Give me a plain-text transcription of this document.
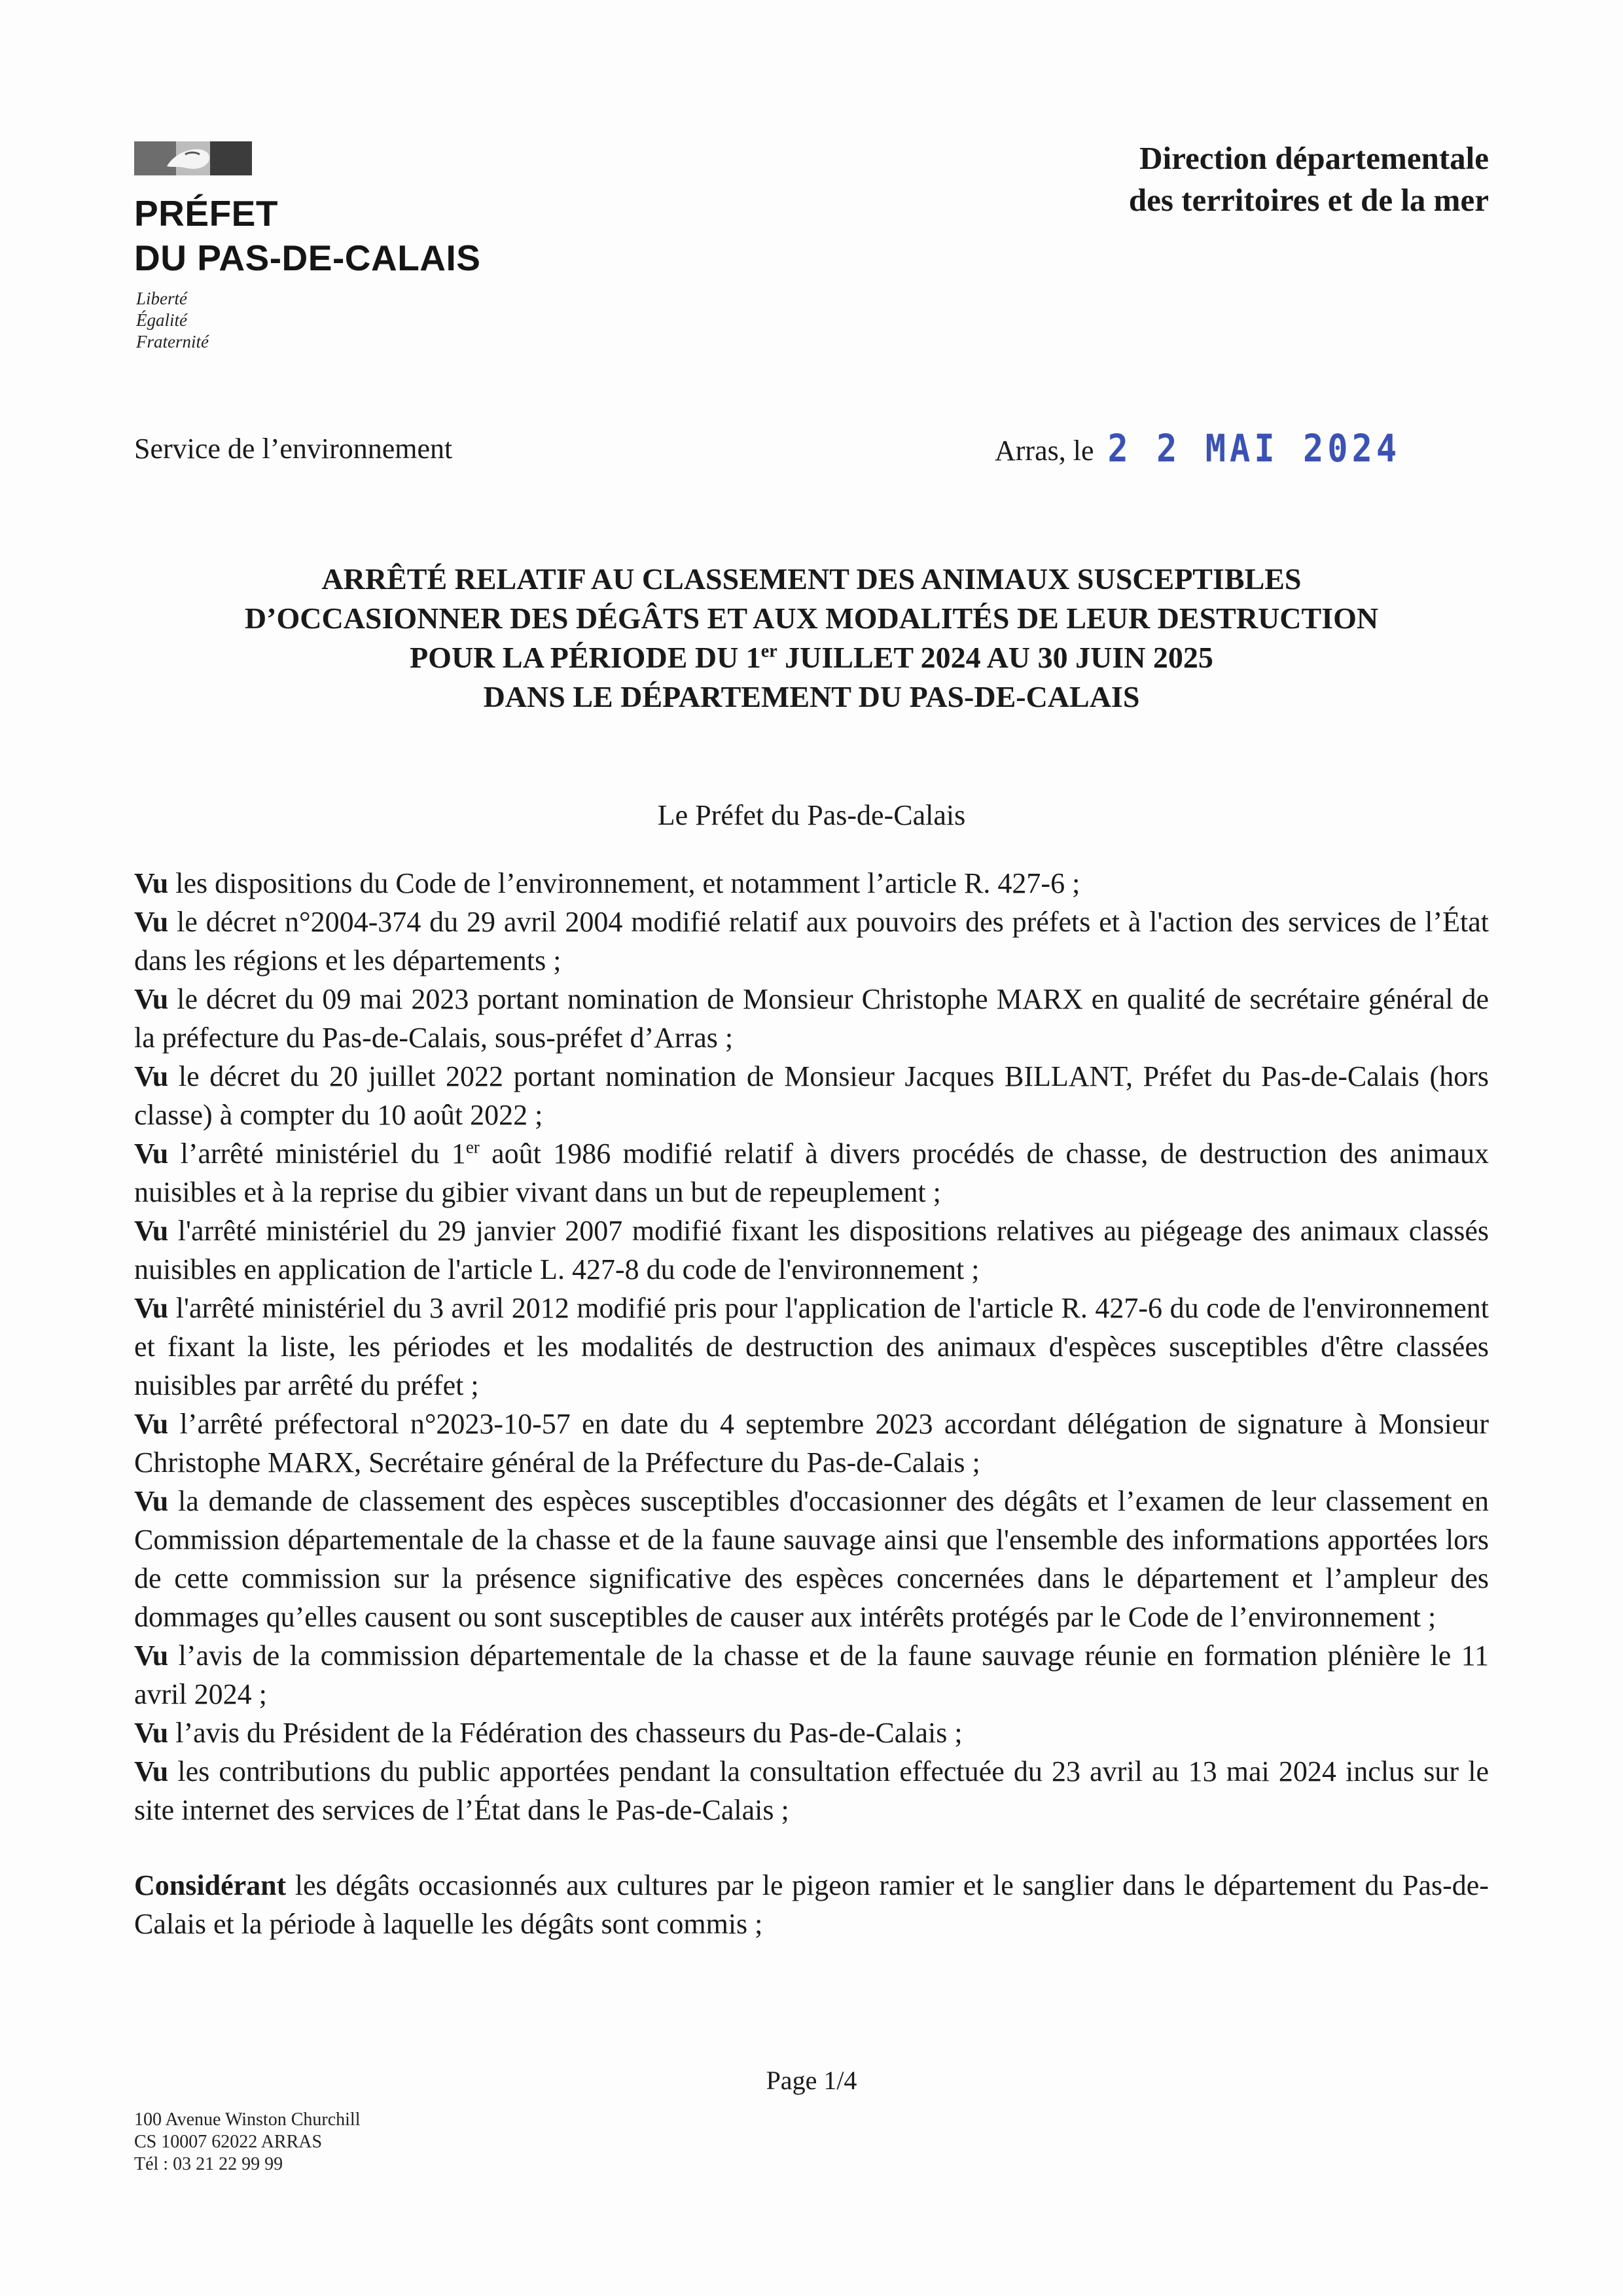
PRÉFET
DU PAS-DE-CALAIS
Liberté
Égalité
Fraternité
Direction départementale
des territoires et de la mer
Service de l’environnement	Arras, le 2 2 MAI 2024
ARRÊTÉ RELATIF AU CLASSEMENT DES ANIMAUX SUSCEPTIBLES
D’OCCASIONNER DES DÉGÂTS ET AUX MODALITÉS DE LEUR DESTRUCTION
POUR LA PÉRIODE DU 1er JUILLET 2024 AU 30 JUIN 2025
DANS LE DÉPARTEMENT DU PAS-DE-CALAIS
Le Préfet du Pas-de-Calais

Vu les dispositions du Code de l’environnement, et notamment l’article R. 427-6 ;

Vu le décret n°2004-374 du 29 avril 2004 modifié relatif aux pouvoirs des préfets et à l'action des services de l’État dans les régions et les départements ;

Vu le décret du 09 mai 2023 portant nomination de Monsieur Christophe MARX en qualité de secrétaire général de la préfecture du Pas-de-Calais, sous-préfet d’Arras ;

Vu le décret du 20 juillet 2022 portant nomination de Monsieur Jacques BILLANT, Préfet du Pas-de-Calais (hors classe) à compter du 10 août 2022 ;

Vu l’arrêté ministériel du 1er août 1986 modifié relatif à divers procédés de chasse, de destruction des animaux nuisibles et à la reprise du gibier vivant dans un but de repeuplement ;

Vu l'arrêté ministériel du 29 janvier 2007 modifié fixant les dispositions relatives au piégeage des animaux classés nuisibles en application de l'article L. 427-8 du code de l'environnement ;

Vu l'arrêté ministériel du 3 avril 2012 modifié pris pour l'application de l'article R. 427-6 du code de l'environnement et fixant la liste, les périodes et les modalités de destruction des animaux d'espèces susceptibles d'être classées nuisibles par arrêté du préfet ;

Vu l’arrêté préfectoral n°2023-10-57 en date du 4 septembre 2023 accordant délégation de signature à Monsieur Christophe MARX, Secrétaire général de la Préfecture du Pas-de-Calais ;

Vu la demande de classement des espèces susceptibles d'occasionner des dégâts et l’examen de leur classement en Commission départementale de la chasse et de la faune sauvage ainsi que l'ensemble des informations apportées lors de cette commission sur la présence significative des espèces concernées dans le département et l’ampleur des dommages qu’elles causent ou sont susceptibles de causer aux intérêts protégés par le Code de l’environnement ;

Vu l’avis de la commission départementale de la chasse et de la faune sauvage réunie en formation plénière le 11 avril 2024 ;

Vu l’avis du Président de la Fédération des chasseurs du Pas-de-Calais ;

Vu les contributions du public apportées pendant la consultation effectuée du 23 avril au 13 mai 2024 inclus sur le site internet des services de l’État dans le Pas-de-Calais ;

Considérant les dégâts occasionnés aux cultures par le pigeon ramier et le sanglier dans le département du Pas-de-Calais et la période à laquelle les dégâts sont commis ;

Page 1/4
100 Avenue Winston Churchill
CS 10007 62022 ARRAS
Tél : 03 21 22 99 99
